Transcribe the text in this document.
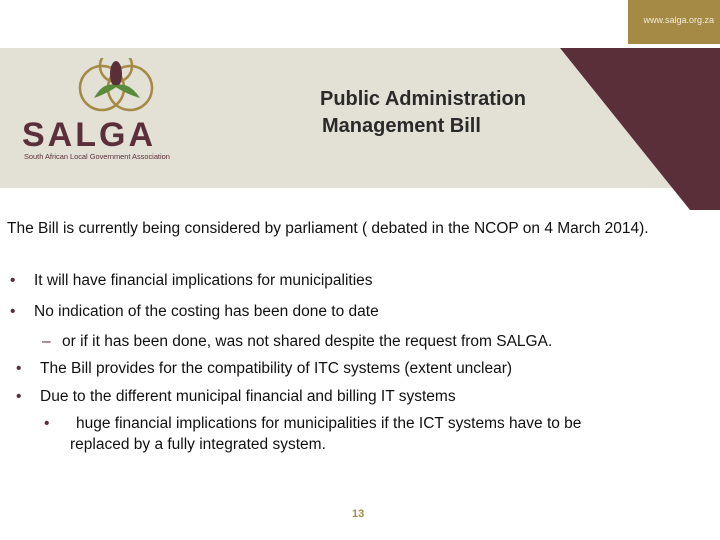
www.salga.org.za
SALGA
South African Local Government Association
Public Administration
Management Bill

The Bill is currently being considered by parliament ( debated in the NCOP on 4 March 2014).

• It will have financial implications for municipalities
• No indication of the costing has been done to date
– or if it has been done, was not shared despite the request from SALGA.
• The Bill provides for the compatibility of ITC systems (extent unclear)
• Due to the different municipal financial and billing IT systems
• huge financial implications for municipalities if the ICT systems have to be
replaced by a fully integrated system.
13
